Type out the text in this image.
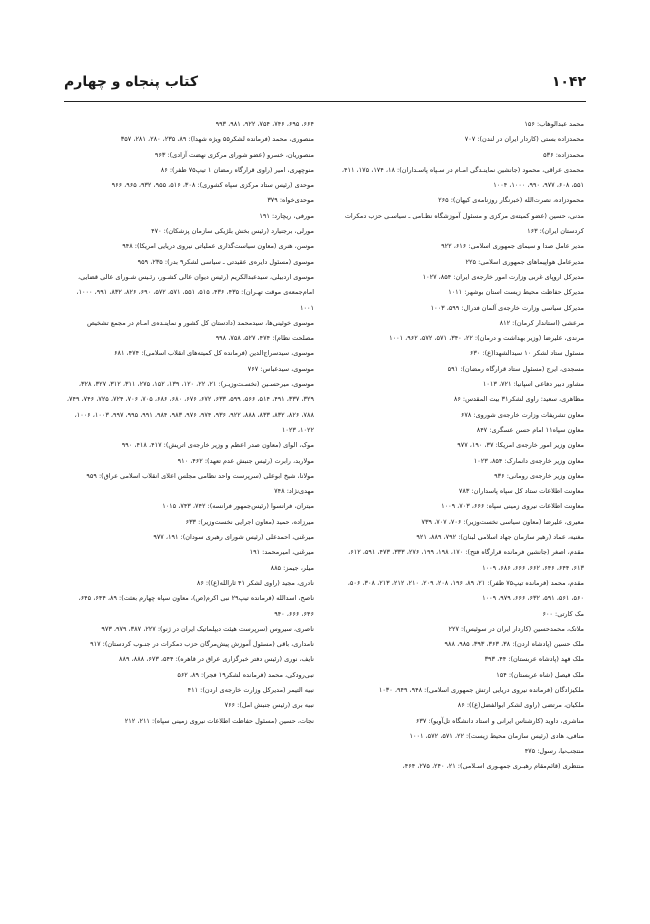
۱۰۴۲
کتاب پنجاه و چهارم
محمد عبدالوهاب: ۱۵۶
محمدزاده بستی (کاردار ایران در لندن): ۷۰۷
محمدزاده: ۵۳۶
محمدی عراقی، محمود (جانشین نماینـدگی امـام در سـپاه پاسـداران): ۱۸، ۱۷۴، ۱۷۵، ۴۱۱، ۵۵۱، ۶۰۸، ۹۷۷، ۹۹۰، ۱۰۰۰، ۱۰۰۴
محمودزاده، نصرت‌الله (خبرنگار روزنامه‌ی کیهان): ۲۶۵
مدنی، حسین (عضو کمیته‌ی مرکزی و مسئول آموزشگاه نظـامی ـ سیاسـی حزب دمکرات کردستان ایران): ۱۶۳
مدیر عامل صدا و سیمای جمهوری اسلامی: ۶۱۶، ۹۲۲
مدیرعامل هواپیماهای جمهوری اسلامی: ۲۲۵
مدیرکل اروپای غربی وزارت امور خارجه‌ی ایران: ۸۵۴، ۱۰۲۷
مدیرکل حفاظت محیط زیست استان بوشهر: ۱۰۱۱
مدیرکل سیاسی وزارت خارجه‌ی آلمان فدرال: ۵۹۹، ۱۰۰۳
مرعشی (استاندار کرمان): ۸۱۲
مرندی، علیرضا (وزیر بهداشت و درمان): ۲۲، ۳۴۰، ۵۷۱، ۵۷۲، ۹۶۲، ۱۰۰۱
مسئول ستاد لشکر ۱۰ سیدالشهدا(ع): ۶۳۰
مسجدی، ایرج (مسئول ستاد قرارگاه رمضان): ۵۹۱
مشاور دبیر دفاعی اسپانیا: ۷۲۱، ۱۰۱۳
مظاهری، سعید: راوی لشکر۳۱ بیت المقدس: ۸۶
معاون تشریفات وزارت خارجه‌ی شوروی: ۶۷۸
معاون سپاه۱۱ امام حسن عسگری: ۸۴۷
معاون وزیر امور خارجه‌ی امریکا: ۳۷، ۱۹۰، ۹۷۷
معاون وزیر خارجه‌ی دانمارک: ۸۵۴، ۱۰۲۳
معاون وزیر خارجه‌ی رومانی: ۹۳۶
معاونت اطلاعات ستاد کل سپاه پاسداران: ۷۸۳
معاونت اطلاعات نیروی زمینی سپاه: ۶۶۶، ۷۰۳، ۱۰۰۹
معیری، علیرضا (معاون سیاسی نخست‌وزیر): ۷۰۶، ۷۰۷، ۷۳۹
مغنیه، عماد (رهبر سازمان جهاد اسلامی لبنان): ۷۹۲، ۸۸۹، ۹۲۱
مقدم، اصغر (جانشین فرمانده قرارگاه فتح): ۱۷۰، ۱۹۸، ۱۹۹، ۲۷۶، ۳۳۳، ۴۷۳، ۵۹۱، ۶۱۲، ۶۱۳، ۶۴۴، ۶۴۶، ۶۶۲، ۶۶۶، ۶۸۶، ۱۰۰۹
مقدم، محمد (فرمانده تیپ۷۵ ظفر): ۲۱، ۸۹، ۱۹۶، ۲۰۸، ۲۰۹، ۲۱۰، ۲۱۲، ۲۱۳، ۳۰۸، ۵۰۶، ۵۶۰، ۵۶۱، ۵۹۱، ۶۳۲، ۶۶۶، ۹۷۹، ۱۰۰۹
مک کارتی: ۶۰۰
ملانک، محمدحسین (کاردار ایران در سوئیس): ۲۲۷
ملک حسین (پادشاه اردن): ۳۸، ۳۶۳، ۳۹۳، ۹۸۵، ۹۸۸
ملک فهد (پادشاه عربستان): ۴۴، ۳۹۳
ملک فیصل (شاه عربستان): ۱۵۴
ملکیزادگان (فرمانده نیروی دریایی ارتش جمهوری اسلامی): ۹۴۸، ۹۴۹، ۱۰۳۰
ملکیان، مرتضی (راوی لشکر ابوالفضل(ع)): ۸۶
مناشری، داوید (کارشناس ایرانی و استاد دانشگاه تل‌آویو): ۶۳۷
منافی، هادی (رئیس سازمان محیط زیست): ۲۲، ۵۷۱، ۵۷۲، ۱۰۰۱
منتجب‌نیا، رسول: ۴۷۵
منتظری (قائم‌مقام رهبـری جمهـوری اسـلامی): ۲۱، ۲۴۰، ۲۷۵، ۴۶۴،
۶۶۴، ۶۹۵، ۷۴۶، ۷۵۴، ۹۲۲، ۹۸۱، ۹۹۳
منصوری، محمد (فرمانده لشکر۵۵ ویژه شهدا): ۸۹، ۲۳۵، ۲۸۰، ۲۸۱، ۳۵۷
منصوریان، خسرو (عضو شورای مرکزی نهضت آزادی): ۹۶۳
منوچهری، امیر (راوی قرارگاه رمضان ۱ تیپ۷۵ ظفر): ۸۶
موحدی (رئیس ستاد مرکزی سپاه کشوری): ۳۰۸، ۵۱۶، ۹۵۵، ۹۳۲، ۹۶۵، ۹۶۶
موحدی‌خواه: ۳۷۹
مورفی، ریچارد: ۱۹۱
مورلی، برجنیارد (رئیس بخش بلژیکی سازمان پزشکان): ۴۷۰
موسن، هنری (معاون سیاست‌گذاری عملیاتی نیروی دریایی امریکا): ۹۴۸
موسوی (مسئول دایره‌ی عقیدتی ـ سیاسی لشکر۹ بدر): ۲۳۵، ۹۵۹
موسوی اردبیلی، سیدعبدالکریم (رئیس دیوان عالی کشـور، رئـیس شـورای عالی قضایی، امام‌جمعه‌ی موقت تهـران): ۴۳۵، ۴۳۶، ۵۱۵، ۵۵۱، ۵۷۱، ۵۷۲، ۶۹۰، ۸۲۶، ۸۳۲، ۹۹۱، ۱۰۰۰، ۱۰۰۱
موسوی خوئینی‌ها، سیدمحمد (دادستان کل کشور و نماینـده‌ی امـام در مجمع تشخیص مصلحت نظام): ۴۷۴، ۵۲۷، ۷۵۸، ۹۹۸
موسوی، سیدسراج‌الدین (فرمانده کل کمیته‌های انقلاب اسلامی): ۴۷۴، ۶۸۱
موسوی، سیدعباس: ۷۶۷
موسوی، میرحسـین (نخسـت‌وزیـر): ۲۱، ۲۲، ۱۲۰، ۱۳۹، ۱۵۲، ۲۷۵، ۳۱۱، ۳۱۲، ۳۲۷، ۳۲۸، ۳۲۹، ۳۳۷، ۴۹۱، ۵۱۴، ۵۶۶، ۵۹۹، ۶۳۳، ۶۷۲، ۶۷۶، ۶۸۰، ۶۸۶، ۷۰۵، ۷۰۶، ۷۲۴، ۷۲۵، ۷۴۶، ۷۴۹، ۷۸۸، ۸۲۶، ۸۳۲، ۸۳۳، ۸۸۸، ۹۲۲، ۹۳۶، ۹۷۴، ۹۷۶، ۹۸۳، ۹۸۴، ۹۹۱، ۹۹۵، ۹۹۷، ۱۰۰۳، ۱۰۰۶، ۱۰۲۲، ۱۰۲۳
موک، الوای (معاون صدر اعظم و وزیر خارجه‌ی اتریش): ۴۱۷، ۴۱۸، ۹۹۰
مولاربد، رابرت (رئیس جنبش عدم تعهد): ۴۶۲، ۹۱۰
مولانا، شیخ ابوعلی (سرپرست واحد نظامی مجلس اعلای انقلاب اسلامی عراق): ۹۵۹
مهدی‌نژاد: ۷۴۸
میتران، فرانسوا (رئیس‌جمهور فرانسه): ۷۴۲، ۷۴۳، ۱۰۱۵
میرزاده، حمید (معاون اجرایی نخست‌وزیر): ۶۳۳
میرغنی، احمدعلی (رئیس شورای رهبری سودان): ۱۹۱، ۹۷۷
میرغنی، امیرمحمد: ۱۹۱
میلر، جیمز: ۸۸۵
نادری، مجید (راوی لشکر ۴۱ ثارالله(ع)): ۸۶
ناصح، اسدالله (فرمانده تیپ۲۹ نبی اکرم(ص)، معاون سپاه چهارم بعثت): ۸۹، ۶۴۴، ۶۴۵، ۶۴۶، ۶۶۶، ۹۴۰
ناصری، سیروس (سرپرست هیئت دیپلماتیک ایران در ژنو): ۲۲۷، ۳۸۷، ۹۷۹، ۹۷۳
نامداری، باقی (مسئول آموزش پیش‌مرگان حزب دمکرات در جنـوب کردستان): ۹۱۷
نایف، نوری (رئیس دفتر خبرگزاری عراق در قاهره): ۵۴۴، ۶۷۳، ۸۸۸، ۸۸۹
نبی‌رودکی، محمد (فرمانده لشکر۱۹ فجر): ۸۹، ۵۶۲
نبیه التیمر (مدیرکل وزارت خارجه‌ی اردن): ۴۱۱
نبیه بری (رئیس جنبش امل): ۷۶۶
نجات، حسین (مسئول حفاظت اطلاعات نیروی زمینی سپاه): ۲۱۱، ۲۱۲
